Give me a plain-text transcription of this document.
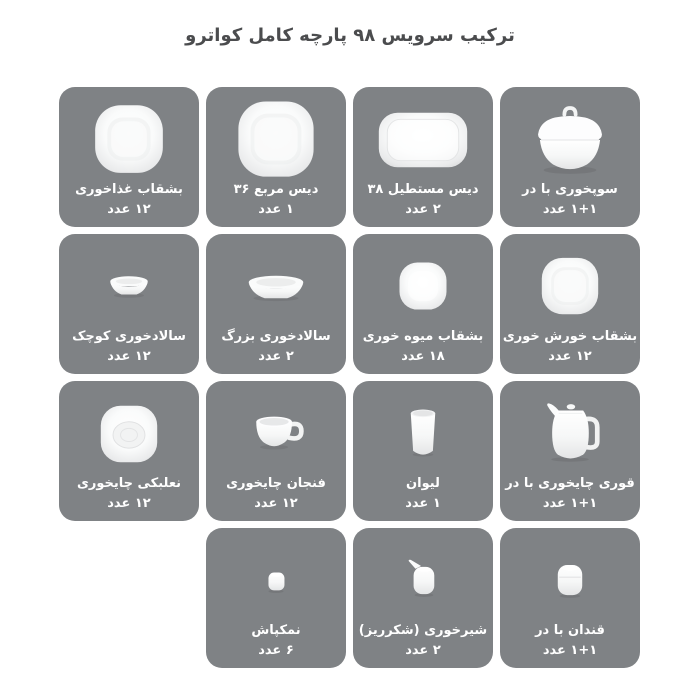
ترکیب سرویس ۹۸ پارچه کامل کواترو
بشقاب غذاخوری
۱۲ عدد
دیس مربع ۳۶
۱ عدد
دیس مستطیل ۳۸
۲ عدد
سوپخوری با در
۱+۱ عدد
سالادخوری کوچک
۱۲ عدد
سالادخوری بزرگ
۲ عدد
بشقاب میوه خوری
۱۸ عدد
بشقاب خورش خوری
۱۲ عدد
نعلبکی چایخوری
۱۲ عدد
فنجان چایخوری
۱۲ عدد
لیوان
۱ عدد
قوری چایخوری با در
۱+۱ عدد
نمکپاش
۶ عدد
شیرخوری (شکرریز)
۲ عدد
قندان با در
۱+۱ عدد
